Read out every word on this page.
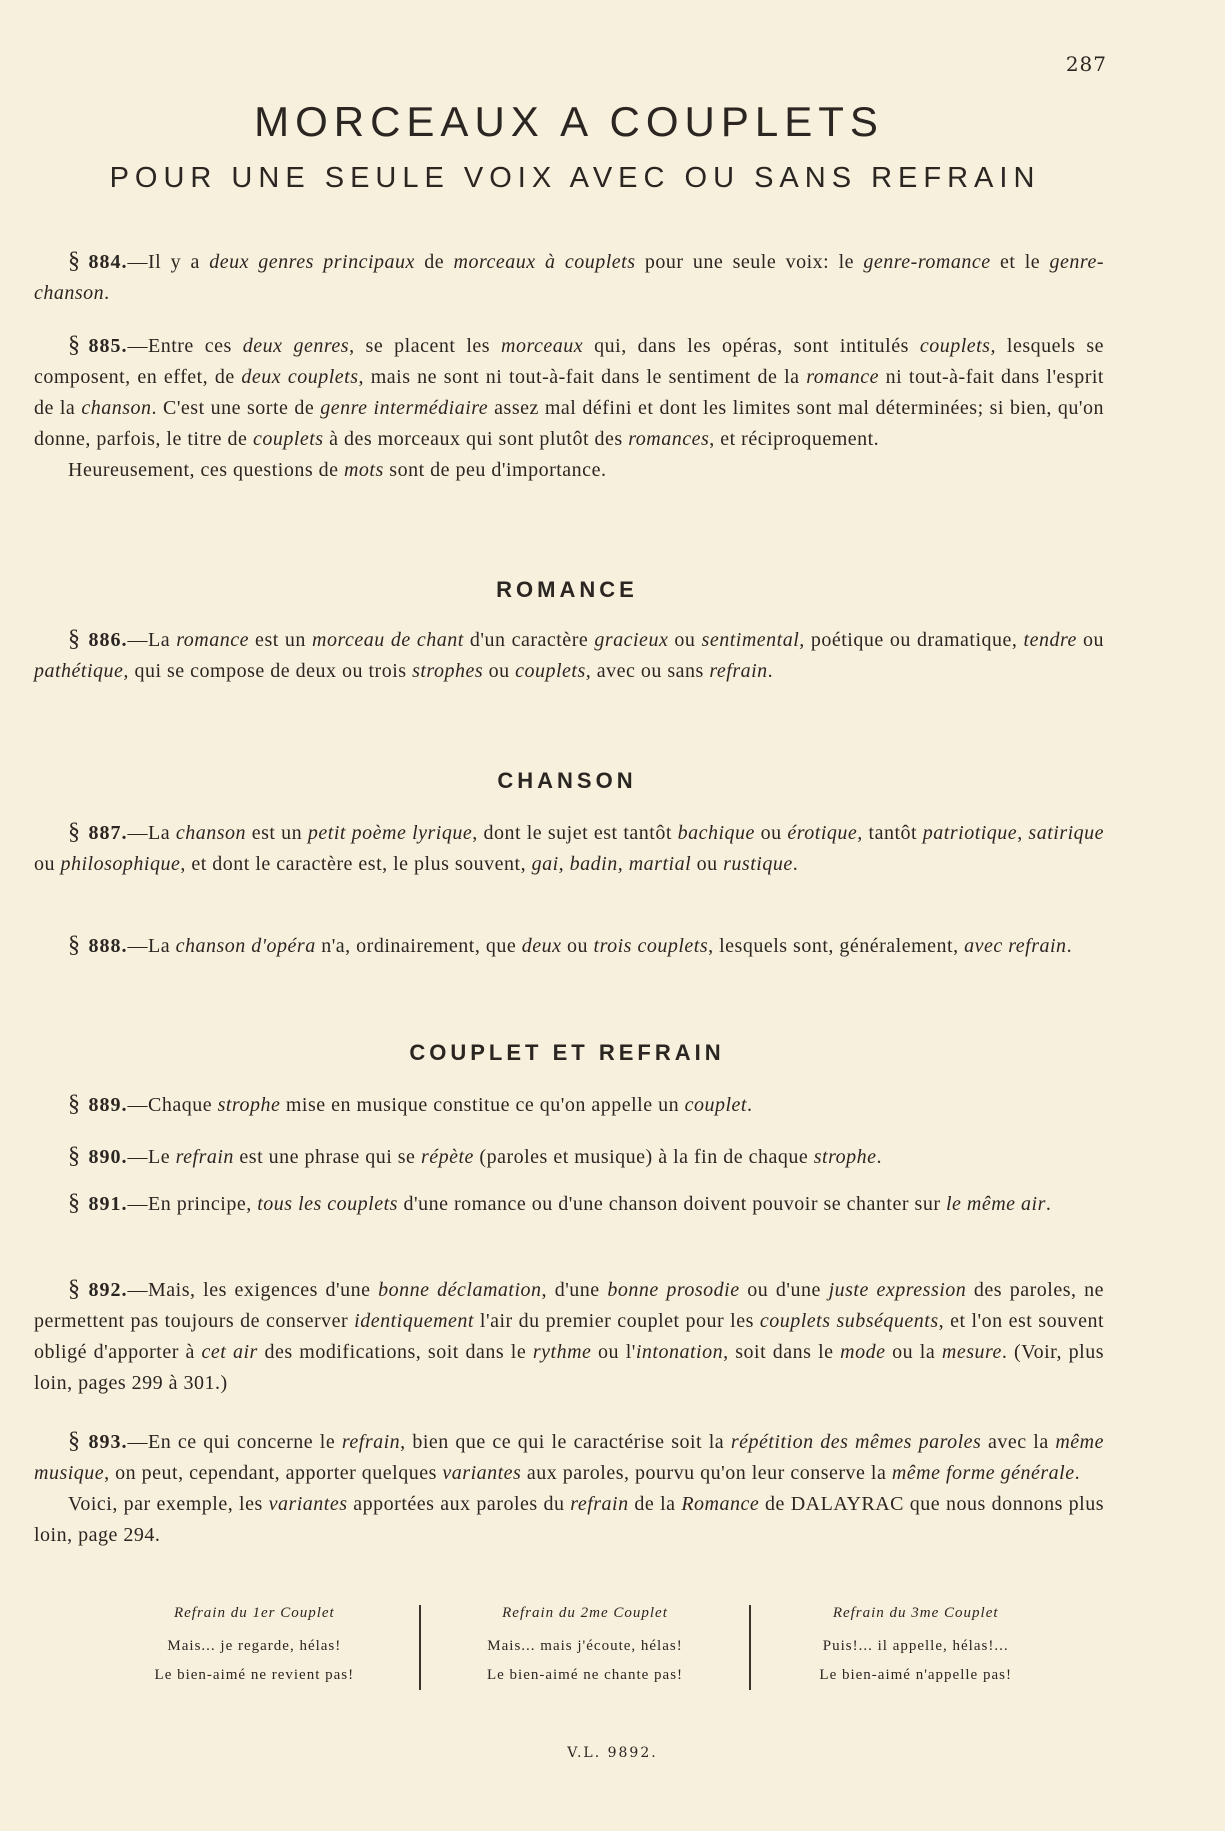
287
MORCEAUX A COUPLETS
POUR UNE SEULE VOIX AVEC OU SANS REFRAIN

§ 884.—Il y a deux genres principaux de morceaux à couplets pour une seule voix: le genre-romance et le genre-chanson.

§ 885.—Entre ces deux genres, se placent les morceaux qui, dans les opéras, sont intitulés couplets, lesquels se composent, en effet, de deux couplets, mais ne sont ni tout-à-fait dans le sentiment de la romance ni tout-à-fait dans l'esprit de la chanson. C'est une sorte de genre intermédiaire assez mal défini et dont les limites sont mal déterminées; si bien, qu'on donne, parfois, le titre de couplets à des morceaux qui sont plutôt des romances, et réciproquement.

Heureusement, ces questions de mots sont de peu d'importance.

ROMANCE

§ 886.—La romance est un morceau de chant d'un caractère gracieux ou sentimental, poétique ou dramatique, tendre ou pathétique, qui se compose de deux ou trois strophes ou couplets, avec ou sans refrain.

CHANSON

§ 887.—La chanson est un petit poème lyrique, dont le sujet est tantôt bachique ou érotique, tantôt patriotique, satirique ou philosophique, et dont le caractère est, le plus souvent, gai, badin, martial ou rustique.

§ 888.—La chanson d'opéra n'a, ordinairement, que deux ou trois couplets, lesquels sont, généralement, avec refrain.

COUPLET ET REFRAIN

§ 889.—Chaque strophe mise en musique constitue ce qu'on appelle un couplet.

§ 890.—Le refrain est une phrase qui se répète (paroles et musique) à la fin de chaque strophe.

§ 891.—En principe, tous les couplets d'une romance ou d'une chanson doivent pouvoir se chanter sur le même air.

§ 892.—Mais, les exigences d'une bonne déclamation, d'une bonne prosodie ou d'une juste expression des paroles, ne permettent pas toujours de conserver identiquement l'air du premier couplet pour les couplets subséquents, et l'on est souvent obligé d'apporter à cet air des modifications, soit dans le rythme ou l'intonation, soit dans le mode ou la mesure. (Voir, plus loin, pages 299 à 301.)

§ 893.—En ce qui concerne le refrain, bien que ce qui le caractérise soit la répétition des mêmes paroles avec la même musique, on peut, cependant, apporter quelques variantes aux paroles, pourvu qu'on leur conserve la même forme générale.

Voici, par exemple, les variantes apportées aux paroles du refrain de la Romance de DALAYRAC que nous donnons plus loin, page 294.

Refrain du 1er Couplet
Mais... je regarde, hélas!
Le bien-aimé ne revient pas!
Refrain du 2me Couplet
Mais... mais j'écoute, hélas!
Le bien-aimé ne chante pas!
Refrain du 3me Couplet
Puis!... il appelle, hélas!...
Le bien-aimé n'appelle pas!
V.L. 9892.
